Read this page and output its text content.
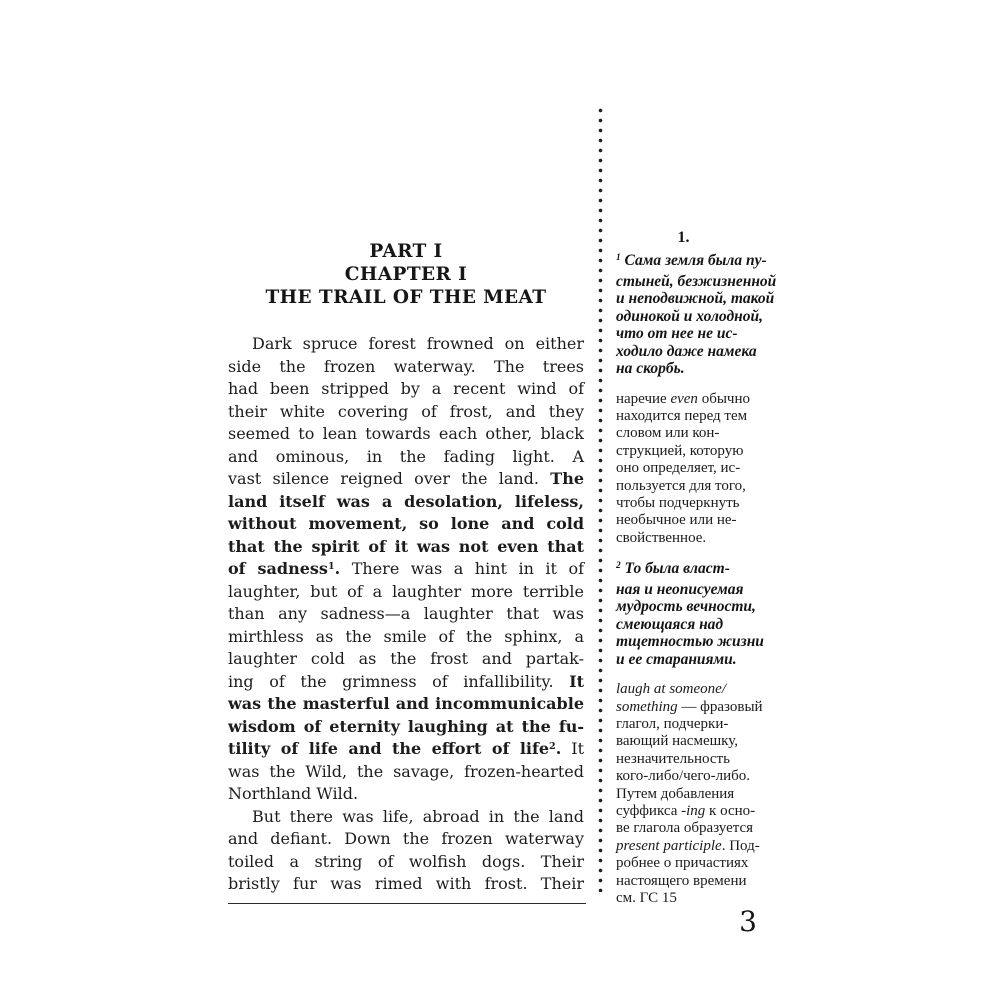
PART I
CHAPTER I
THE TRAIL OF THE MEAT
Dark spruce forest frowned on either
side the frozen waterway. The trees
had been stripped by a recent wind of
their white covering of frost, and they
seemed to lean towards each other, black
and ominous, in the fading light. A
vast silence reigned over the land. The
land itself was a desolation, lifeless,
without movement, so lone and cold
that the spirit of it was not even that
of sadness$^1$. There was a hint in it of
laughter, but of a laughter more terrible
than any sadness—a laughter that was
mirthless as the smile of the sphinx, a
laughter cold as the frost and partak-
ing of the grimness of infallibility. It
was the masterful and incommunicable
wisdom of eternity laughing at the fu-
tility of life and the effort of life$^2$. It
was the Wild, the savage, frozen-hearted
Northland Wild.
But there was life, abroad in the land
and defiant. Down the frozen waterway
toiled a string of wolfish dogs. Their
bristly fur was rimed with frost. Their
1.
$^1$ Сама земля была пу-
стыней, безжизненной
и неподвижной, такой
одинокой и холодной,
что от нее не ис-
ходило даже намека
на скорбь.
наречие even обычно
находится перед тем
словом или кон-
струкцией, которую
оно определяет, ис-
пользуется для того,
чтобы подчеркнуть
необычное или не-
свойственное.
$^2$ То была власт-
ная и неописуемая
мудрость вечности,
смеющаяся над
тщетностью жизни
и ее стараниями.
laugh at someone/
something — фразовый
глагол, подчерки-
вающий насмешку,
незначительность
кого-либо/чего-либо.
Путем добавления
суффикса -ing к осно-
ве глагола образуется
present participle. Под-
робнее о причастиях
настоящего времени
см. ГС 15
3
